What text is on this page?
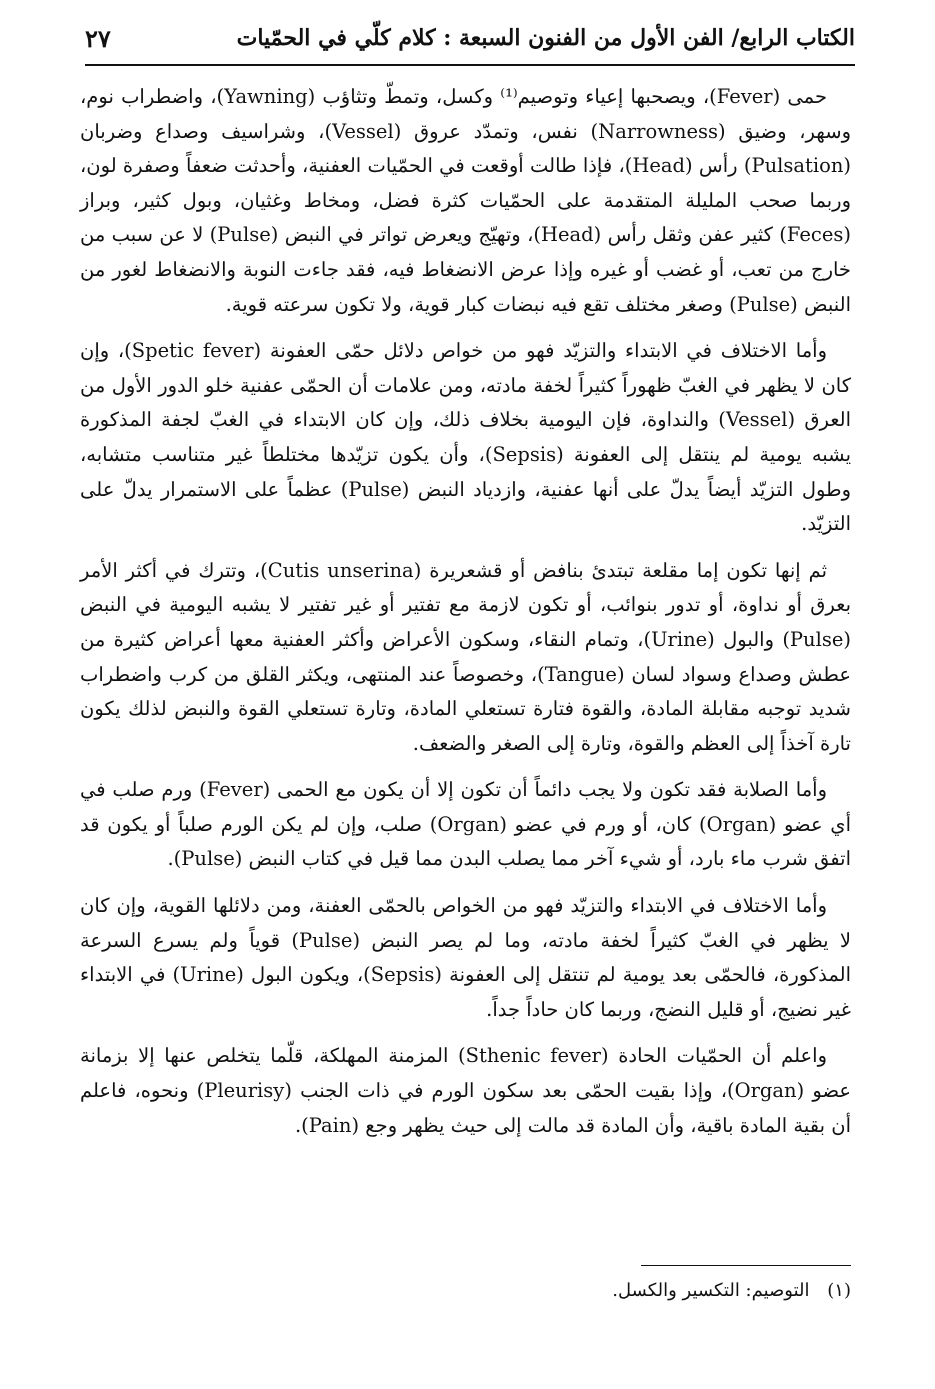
الكتاب الرابع/ الفن الأول من الفنون السبعة : كلام كلّي في الحمّيات
٢٧

حمى (Fever)، ويصحبها إعياء وتوصيم⁽¹⁾ وكسل، وتمطّ وتثاؤب (Yawning)، واضطراب نوم، وسهر، وضيق (Narrowness) نفس، وتمدّد عروق (Vessel)، وشراسيف وصداع وضربان (Pulsation) رأس (Head)، فإذا طالت أوقعت في الحمّيات العفنية، وأحدثت ضعفاً وصفرة لون، وربما صحب المليلة المتقدمة على الحمّيات كثرة فضل، ومخاط وغثيان، وبول كثير، وبراز (Feces) كثير عفن وثقل رأس (Head)، وتهيّج ويعرض تواتر في النبض (Pulse) لا عن سبب من خارج من تعب، أو غضب أو غيره وإذا عرض الانضغاط فيه، فقد جاءت النوبة والانضغاط لغور من النبض (Pulse) وصغر مختلف تقع فيه نبضات كبار قوية، ولا تكون سرعته قوية.

وأما الاختلاف في الابتداء والتزيّد فهو من خواص دلائل حمّى العفونة (Spetic fever)، وإن كان لا يظهر في الغبّ ظهوراً كثيراً لخفة مادته، ومن علامات أن الحمّى عفنية خلو الدور الأول من العرق (Vessel) والنداوة، فإن اليومية بخلاف ذلك، وإن كان الابتداء في الغبّ لجفة المذكورة يشبه يومية لم ينتقل إلى العفونة (Sepsis)، وأن يكون تزيّدها مختلطاً غير متناسب متشابه، وطول التزيّد أيضاً يدلّ على أنها عفنية، وازدياد النبض (Pulse) عظماً على الاستمرار يدلّ على التزيّد.

ثم إنها تكون إما مقلعة تبتدئ بنافض أو قشعريرة (Cutis unserina)، وتترك في أكثر الأمر بعرق أو نداوة، أو تدور بنوائب، أو تكون لازمة مع تفتير أو غير تفتير لا يشبه اليومية في النبض (Pulse) والبول (Urine)، وتمام النقاء، وسكون الأعراض وأكثر العفنية معها أعراض كثيرة من عطش وصداع وسواد لسان (Tangue)، وخصوصاً عند المنتهى، ويكثر القلق من كرب واضطراب شديد توجبه مقابلة المادة، والقوة فتارة تستعلي المادة، وتارة تستعلي القوة والنبض لذلك يكون تارة آخذاً إلى العظم والقوة، وتارة إلى الصغر والضعف.

وأما الصلابة فقد تكون ولا يجب دائماً أن تكون إلا أن يكون مع الحمى (Fever) ورم صلب في أي عضو (Organ) كان، أو ورم في عضو (Organ) صلب، وإن لم يكن الورم صلباً أو يكون قد اتفق شرب ماء بارد، أو شيء آخر مما يصلب البدن مما قيل في كتاب النبض (Pulse).

وأما الاختلاف في الابتداء والتزيّد فهو من الخواص بالحمّى العفنة، ومن دلائلها القوية، وإن كان لا يظهر في الغبّ كثيراً لخفة مادته، وما لم يصر النبض (Pulse) قوياً ولم يسرع السرعة المذكورة، فالحمّى بعد يومية لم تنتقل إلى العفونة (Sepsis)، ويكون البول (Urine) في الابتداء غير نضيج، أو قليل النضج، وربما كان حاداً جداً.

واعلم أن الحمّيات الحادة (Sthenic fever) المزمنة المهلكة، قلّما يتخلص عنها إلا بزمانة عضو (Organ)، وإذا بقيت الحمّى بعد سكون الورم في ذات الجنب (Pleurisy) ونحوه، فاعلم أن بقية المادة باقية، وأن المادة قد مالت إلى حيث يظهر وجع (Pain).

(١) التوصيم: التكسير والكسل.
